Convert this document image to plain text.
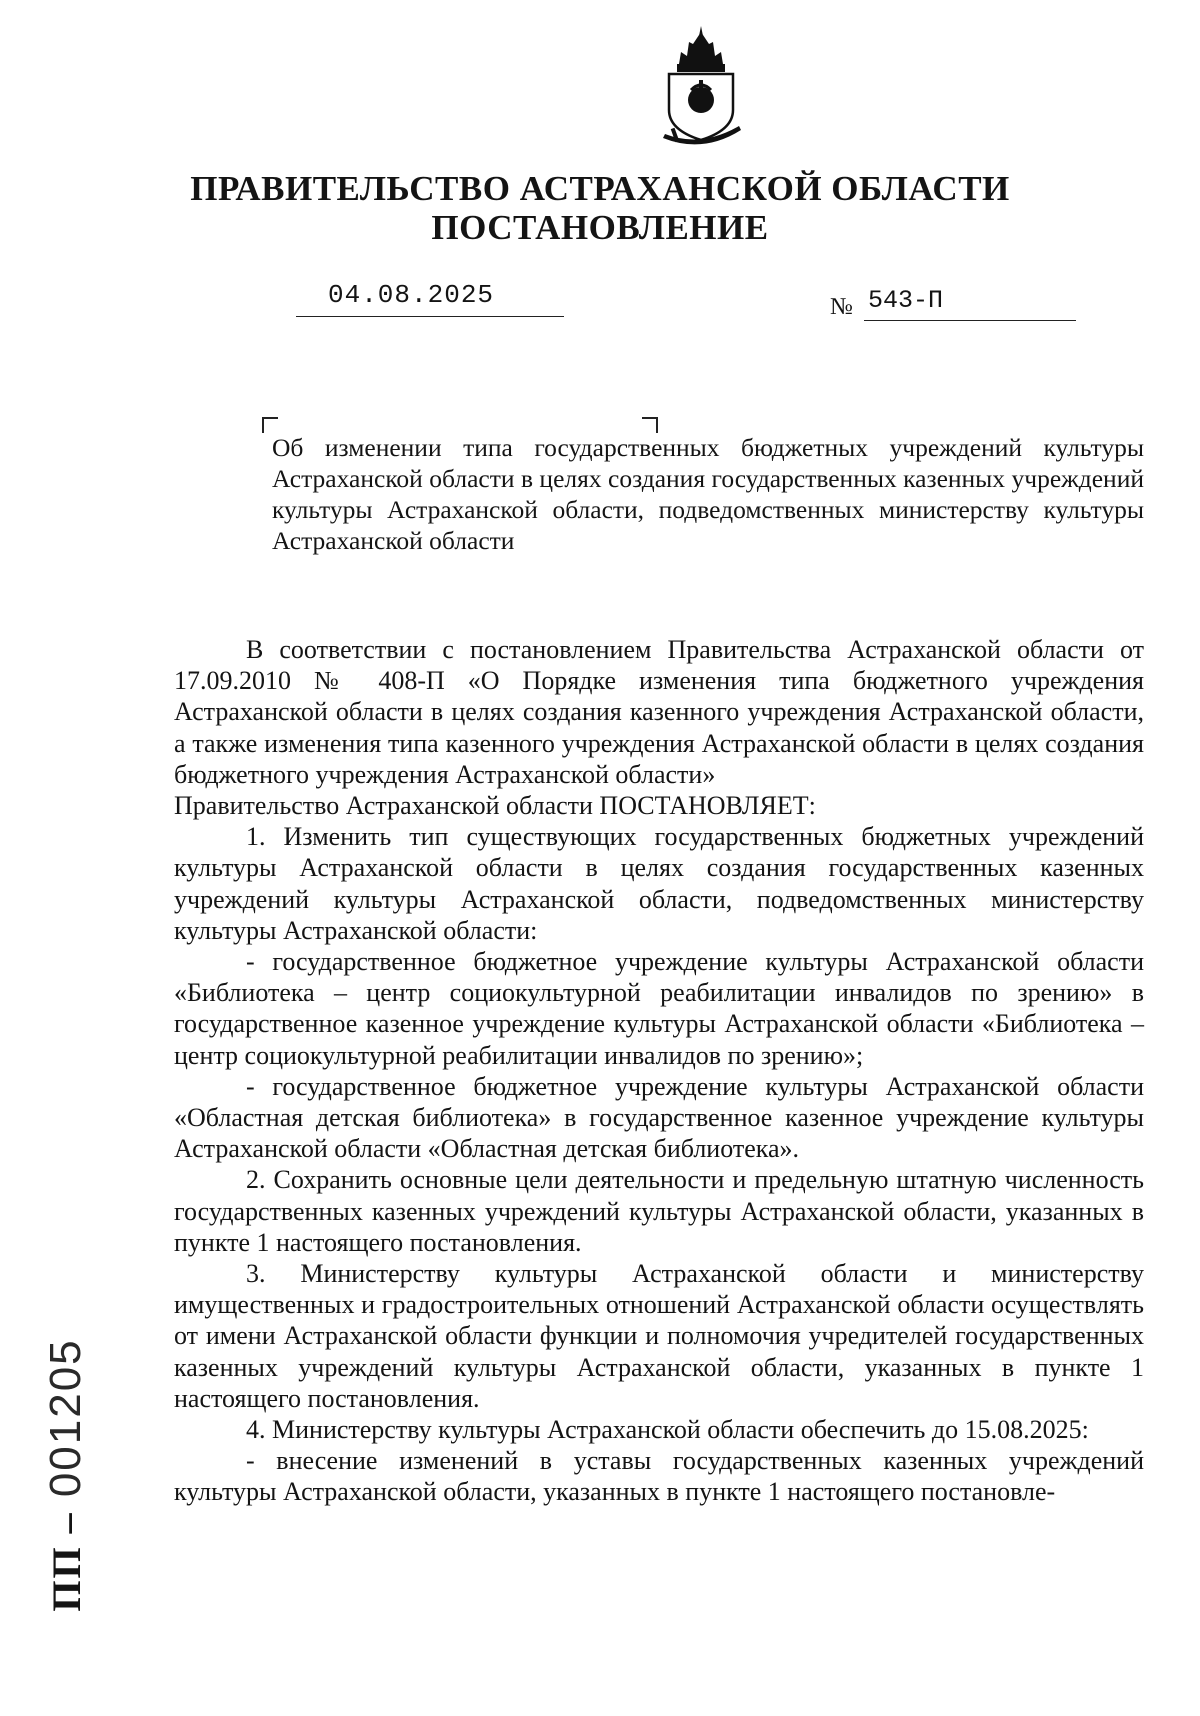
ПРАВИТЕЛЬСТВО АСТРАХАНСКОЙ ОБЛАСТИ
ПОСТАНОВЛЕНИЕ
04.08.2025	№ 543-П

Об изменении типа государственных бюджетных учреждений культуры Астраханской области в целях создания государственных казенных учреждений культуры Астраханской области, подведомственных министерству культуры Астраханской области

В соответствии с постановлением Правительства Астраханской области от 17.09.2010 № 408-П «О Порядке изменения типа бюджетного учреждения Астраханской области в целях создания казенного учреждения Астраханской области, а также изменения типа казенного учреждения Астраханской области в целях создания бюджетного учреждения Астраханской области»

Правительство Астраханской области ПОСТАНОВЛЯЕТ:

1. Изменить тип существующих государственных бюджетных учреждений культуры Астраханской области в целях создания государственных казенных учреждений культуры Астраханской области, подведомственных министерству культуры Астраханской области:

- государственное бюджетное учреждение культуры Астраханской области «Библиотека – центр социокультурной реабилитации инвалидов по зрению» в государственное казенное учреждение культуры Астраханской области «Библиотека – центр социокультурной реабилитации инвалидов по зрению»;

- государственное бюджетное учреждение культуры Астраханской области «Областная детская библиотека» в государственное казенное учреждение культуры Астраханской области «Областная детская библиотека».

2. Сохранить основные цели деятельности и предельную штатную численность государственных казенных учреждений культуры Астраханской области, указанных в пункте 1 настоящего постановления.

3. Министерству культуры Астраханской области и министерству имущественных и градостроительных отношений Астраханской области осуществлять от имени Астраханской области функции и полномочия учредителей государственных казенных учреждений культуры Астраханской области, указанных в пункте 1 настоящего постановления.

4. Министерству культуры Астраханской области обеспечить до 15.08.2025:

- внесение изменений в уставы государственных казенных учреждений культуры Астраханской области, указанных в пункте 1 настоящего постановле-

ПП – 001205
